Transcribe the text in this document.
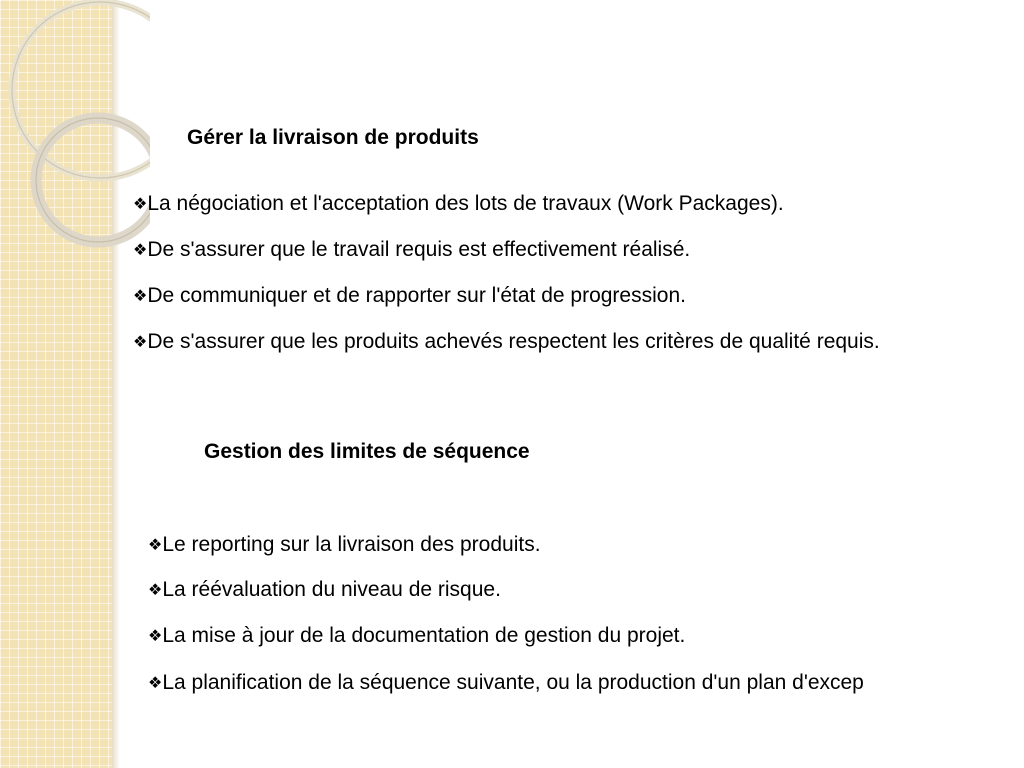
Gérer la livraison de produits
❖La négociation et l'acceptation des lots de travaux (Work Packages).
❖De s'assurer que le travail requis est effectivement réalisé.
❖De communiquer et de rapporter sur l'état de progression.
❖De s'assurer que les produits achevés respectent les critères de qualité requis.
Gestion des limites de séquence
❖Le reporting sur la livraison des produits.
❖La réévaluation du niveau de risque.
❖La mise à jour de la documentation de gestion du projet.
❖La planification de la séquence suivante, ou la production d'un plan d'excep
